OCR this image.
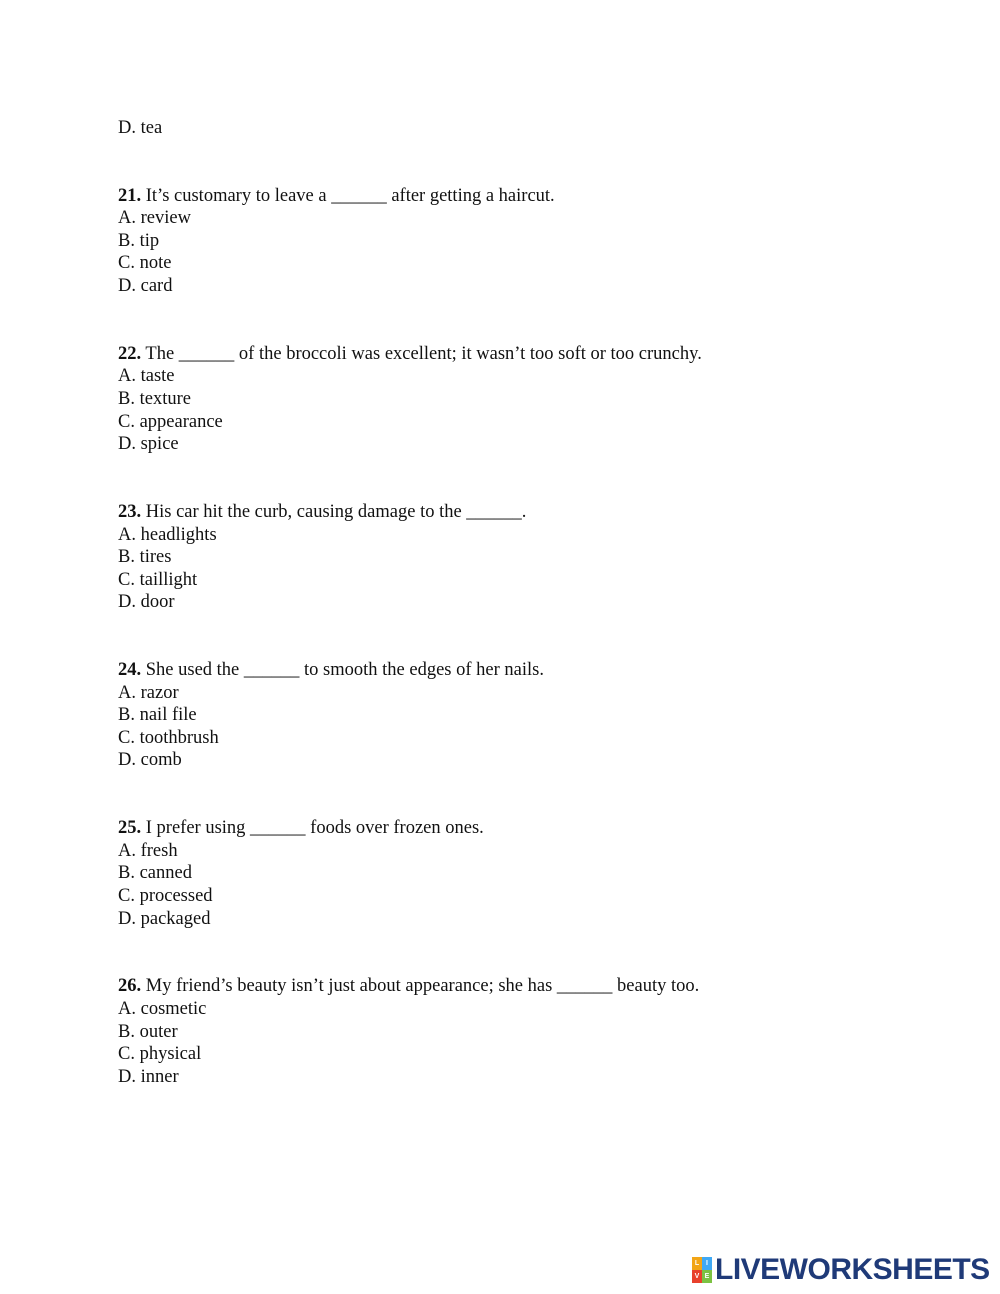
D. tea
21. It’s customary to leave a ______ after getting a haircut.
A. review
B. tip
C. note
D. card
22. The ______ of the broccoli was excellent; it wasn’t too soft or too crunchy.
A. taste
B. texture
C. appearance
D. spice
23. His car hit the curb, causing damage to the ______.
A. headlights
B. tires
C. taillight
D. door
24. She used the ______ to smooth the edges of her nails.
A. razor
B. nail file
C. toothbrush
D. comb
25. I prefer using ______ foods over frozen ones.
A. fresh
B. canned
C. processed
D. packaged
26. My friend’s beauty isn’t just about appearance; she has ______ beauty too.
A. cosmetic
B. outer
C. physical
D. inner
L I
V E LIVEWORKSHEETS
